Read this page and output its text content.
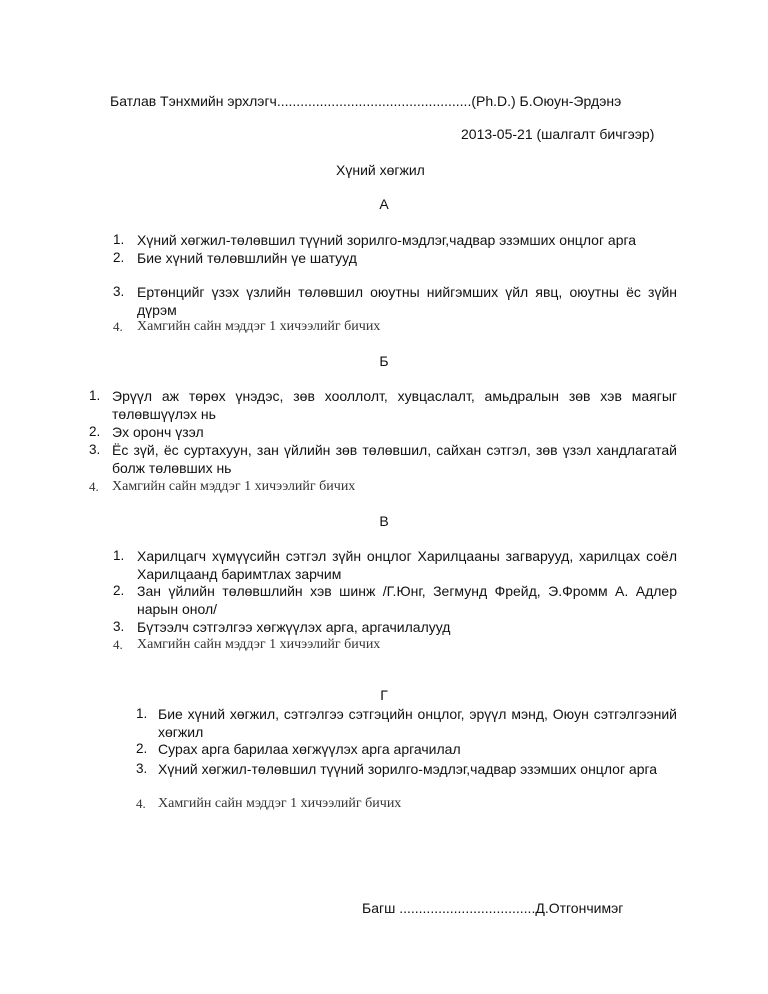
Батлав Тэнхмийн эрхлэгч..................................................(Ph.D.) Б.Оюун-Эрдэнэ
2013-05-21 (шалгалт бичгээр)
Хүний хөгжил
А
1. Хүний хөгжил-төлөвшил түүний зорилго-мэдлэг,чадвар эзэмших онцлог арга
2. Бие хүний төлөвшлийн үе шатууд
3. Ертөнцийг үзэх үзлийн төлөвшил оюутны нийгэмших үйл явц, оюутны ёс зүйн дүрэм
4. Хамгийн сайн мэддэг 1 хичээлийг бичих
Б
1. Эрүүл аж төрөх үнэдэс, зөв хооллолт, хувцаслалт, амьдралын зөв хэв маягыг төлөвшүүлэх нь
2. Эх оронч үзэл
3. Ёс зүй, ёс суртахуун, зан үйлийн зөв төлөвшил, сайхан сэтгэл, зөв үзэл хандлагатай болж төлөвших нь
4. Хамгийн сайн мэддэг 1 хичээлийг бичих
В
1. Харилцагч хүмүүсийн сэтгэл зүйн онцлог Харилцааны загварууд, харилцах соёл Харилцаанд баримтлах зарчим
2. Зан үйлийн төлөвшлийн хэв шинж /Г.Юнг, Зегмунд Фрейд, Э.Фромм А. Адлер нарын онол/
3. Бүтээлч сэтгэлгээ хөгжүүлэх арга, аргачилалууд
4. Хамгийн сайн мэддэг 1 хичээлийг бичих
Г
1. Бие хүний хөгжил, сэтгэлгээ сэтгэцийн онцлог, эрүүл мэнд, Оюун сэтгэлгээний хөгжил
2. Сурах арга барилаа хөгжүүлэх арга аргачилал
3. Хүний хөгжил-төлөвшил түүний зорилго-мэдлэг,чадвар эзэмших онцлог арга
4. Хамгийн сайн мэддэг 1 хичээлийг бичих
Багш ...................................Д.Отгончимэг
